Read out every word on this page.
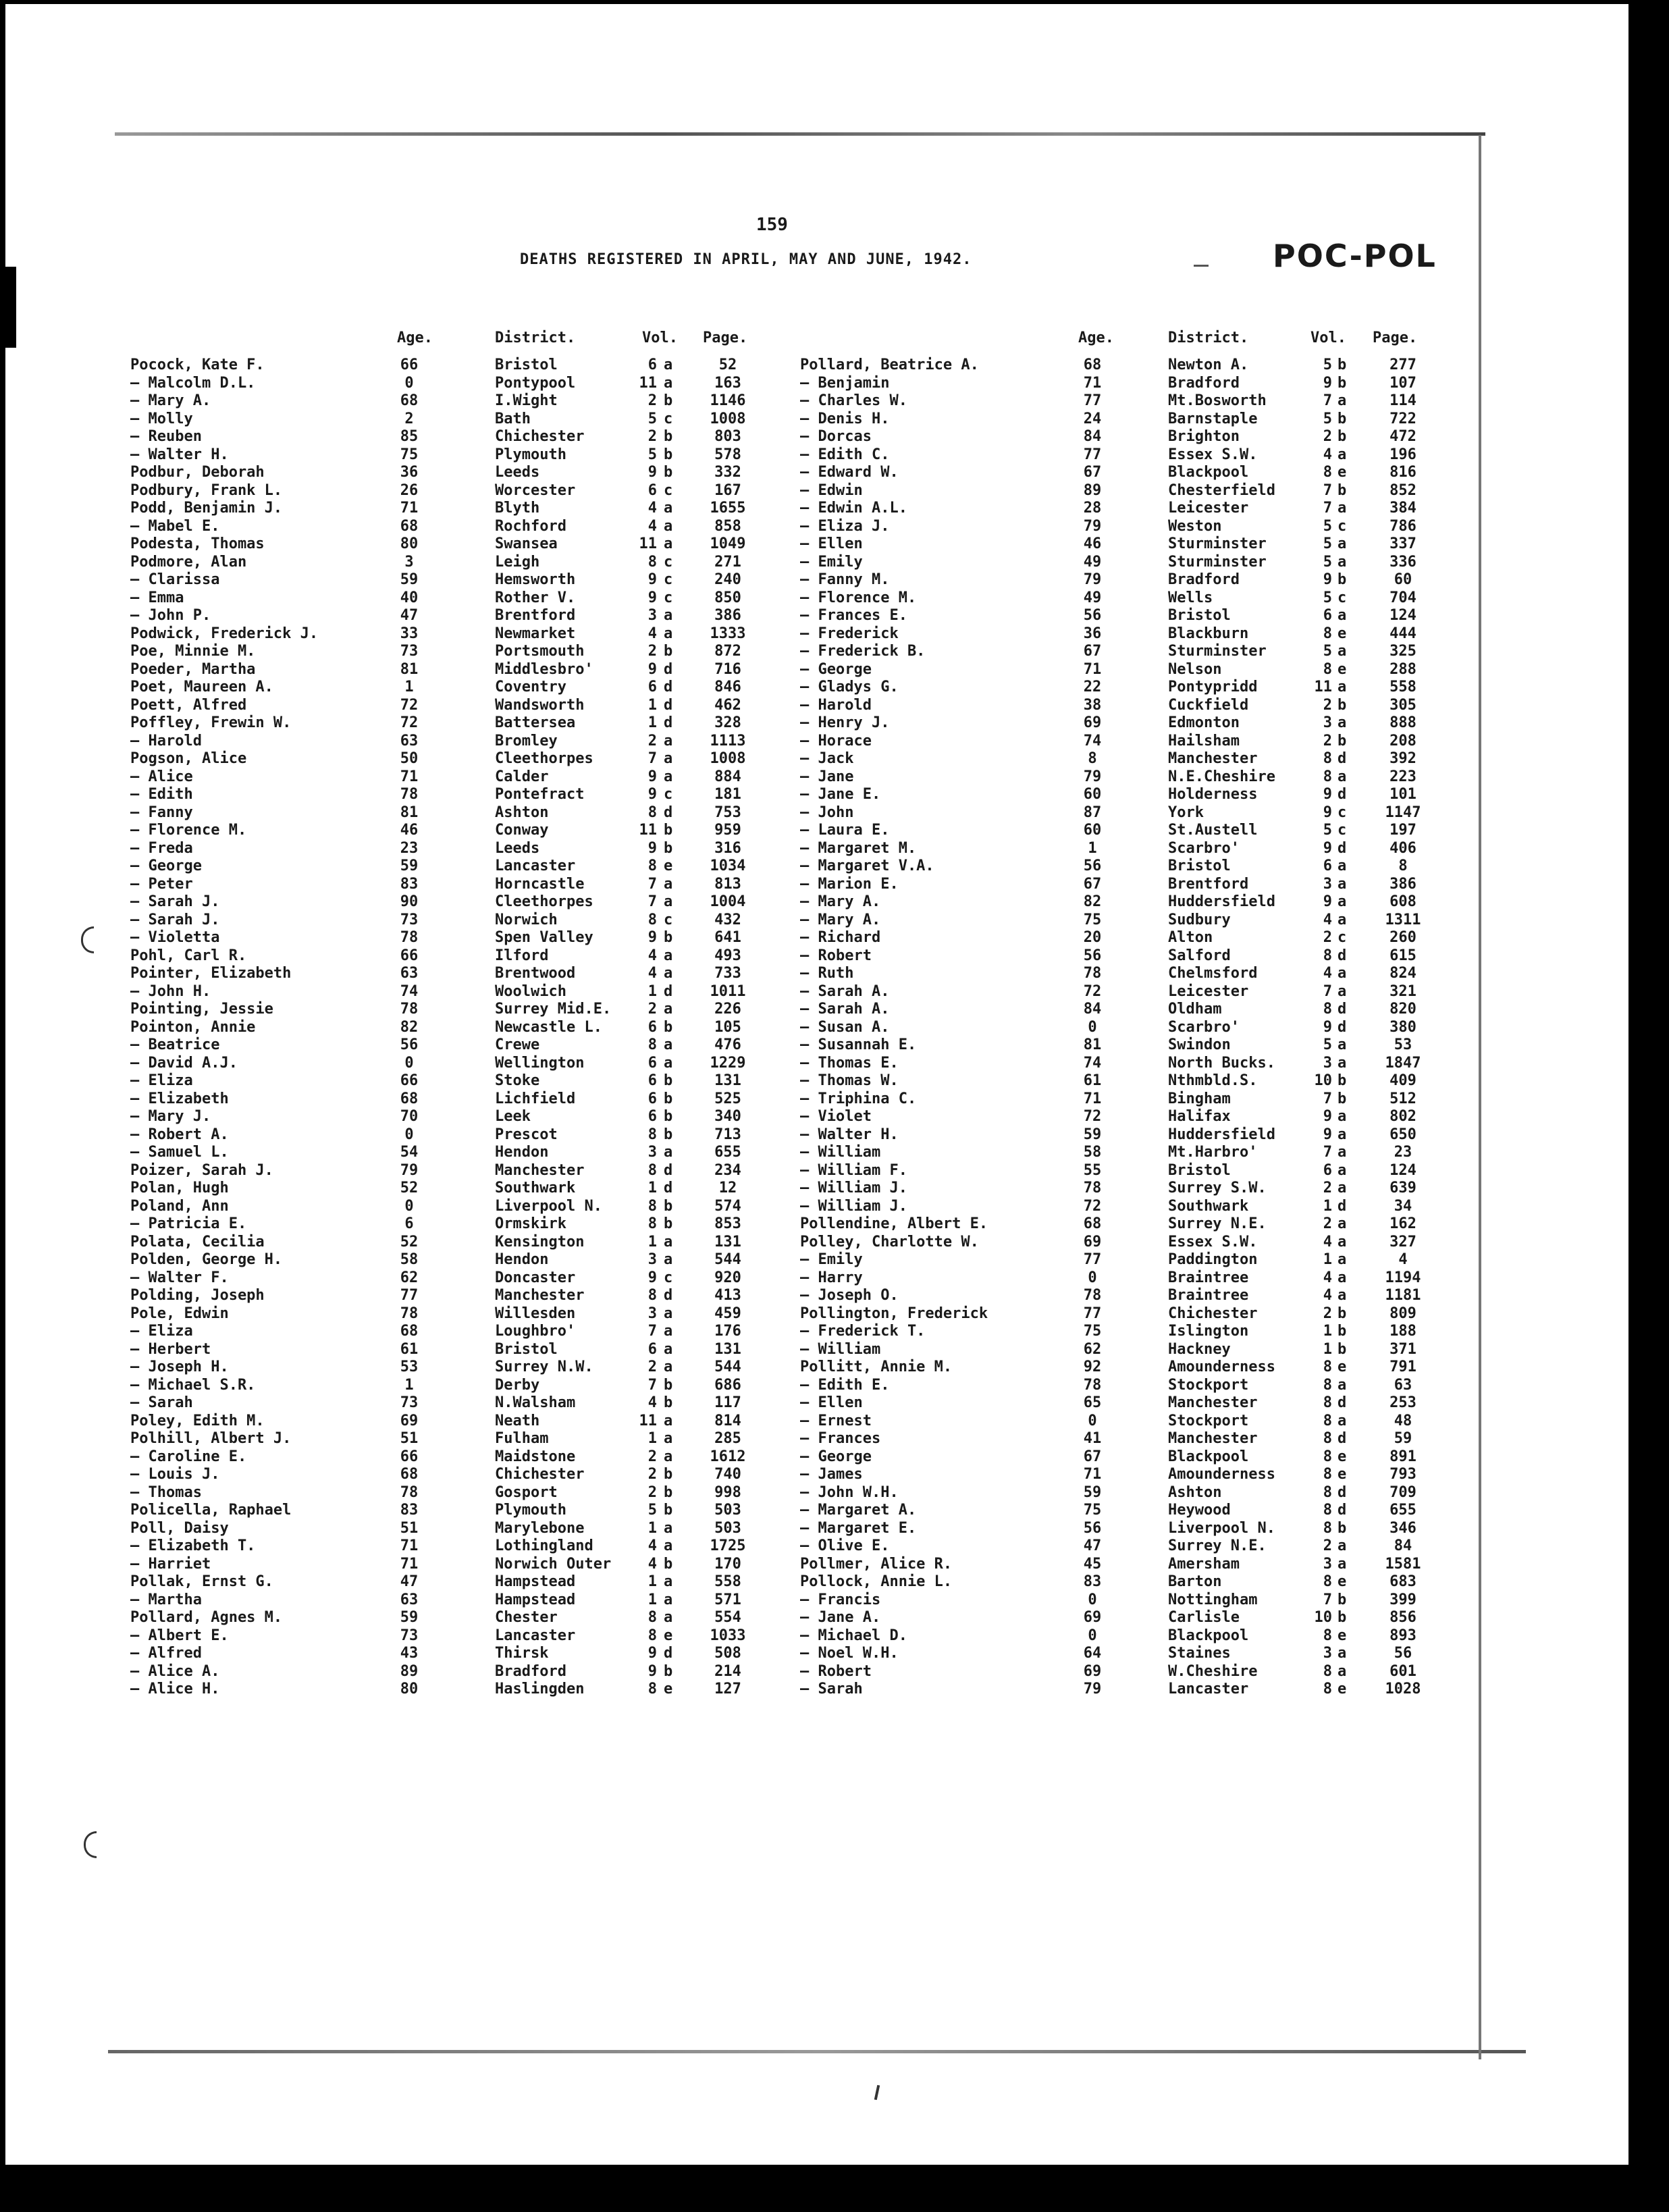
159
DEATHS REGISTERED IN APRIL, MAY AND JUNE, 1942.	POC-POL
Age.	District.	Vol. Page.
Pocock, Kate F.	66	Bristol	6 a	52
— Malcolm D.L.	0	Pontypool	11 a	163
— Mary A.	68	I.Wight	2 b	1146
— Molly	2	Bath	5 c	1008
— Reuben	85	Chichester	2 b	803
— Walter H.	75	Plymouth	5 b	578
Podbur, Deborah	36	Leeds	9 b	332
Podbury, Frank L.	26	Worcester	6 c	167
Podd, Benjamin J.	71	Blyth	4 a	1655
— Mabel E.	68	Rochford	4 a	858
Podesta, Thomas	80	Swansea	11 a	1049
Podmore, Alan	3	Leigh	8 c	271
— Clarissa	59	Hemsworth	9 c	240
— Emma	40	Rother V.	9 c	850
— John P.	47	Brentford	3 a	386
Podwick, Frederick J.	33	Newmarket	4 a	1333
Poe, Minnie M.	73	Portsmouth	2 b	872
Poeder, Martha	81	Middlesbro'	9 d	716
Poet, Maureen A.	1	Coventry	6 d	846
Poett, Alfred	72	Wandsworth	1 d	462
Poffley, Frewin W.	72	Battersea	1 d	328
— Harold	63	Bromley	2 a	1113
Pogson, Alice	50	Cleethorpes	7 a	1008
— Alice	71	Calder	9 a	884
— Edith	78	Pontefract	9 c	181
— Fanny	81	Ashton	8 d	753
— Florence M.	46	Conway	11 b	959
— Freda	23	Leeds	9 b	316
— George	59	Lancaster	8 e	1034
— Peter	83	Horncastle	7 a	813
— Sarah J.	90	Cleethorpes	7 a	1004
— Sarah J.	73	Norwich	8 c	432
— Violetta	78	Spen Valley	9 b	641
Pohl, Carl R.	66	Ilford	4 a	493
Pointer, Elizabeth	63	Brentwood	4 a	733
— John H.	74	Woolwich	1 d	1011
Pointing, Jessie	78	Surrey Mid.E.	2 a	226
Pointon, Annie	82	Newcastle L.	6 b	105
— Beatrice	56	Crewe	8 a	476
— David A.J.	0	Wellington	6 a	1229
— Eliza	66	Stoke	6 b	131
— Elizabeth	68	Lichfield	6 b	525
— Mary J.	70	Leek	6 b	340
— Robert A.	0	Prescot	8 b	713
— Samuel L.	54	Hendon	3 a	655
Poizer, Sarah J.	79	Manchester	8 d	234
Polan, Hugh	52	Southwark	1 d	12
Poland, Ann	0	Liverpool N.	8 b	574
— Patricia E.	6	Ormskirk	8 b	853
Polata, Cecilia	52	Kensington	1 a	131
Polden, George H.	58	Hendon	3 a	544
— Walter F.	62	Doncaster	9 c	920
Polding, Joseph	77	Manchester	8 d	413
Pole, Edwin	78	Willesden	3 a	459
— Eliza	68	Loughbro'	7 a	176
— Herbert	61	Bristol	6 a	131
— Joseph H.	53	Surrey N.W.	2 a	544
— Michael S.R.	1	Derby	7 b	686
— Sarah	73	N.Walsham	4 b	117
Poley, Edith M.	69	Neath	11 a	814
Polhill, Albert J.	51	Fulham	1 a	285
— Caroline E.	66	Maidstone	2 a	1612
— Louis J.	68	Chichester	2 b	740
— Thomas	78	Gosport	2 b	998
Policella, Raphael	83	Plymouth	5 b	503
Poll, Daisy	51	Marylebone	1 a	503
— Elizabeth T.	71	Lothingland	4 a	1725
— Harriet	71	Norwich Outer	4 b	170
Pollak, Ernst G.	47	Hampstead	1 a	558
— Martha	63	Hampstead	1 a	571
Pollard, Agnes M.	59	Chester	8 a	554
— Albert E.	73	Lancaster	8 e	1033
— Alfred	43	Thirsk	9 d	508
— Alice A.	89	Bradford	9 b	214
— Alice H.	80	Haslingden	8 e	127
Age.	District.	Vol. Page.
Pollard, Beatrice A.	68	Newton A.	5 b	277
— Benjamin	71	Bradford	9 b	107
— Charles W.	77	Mt.Bosworth	7 a	114
— Denis H.	24	Barnstaple	5 b	722
— Dorcas	84	Brighton	2 b	472
— Edith C.	77	Essex S.W.	4 a	196
— Edward W.	67	Blackpool	8 e	816
— Edwin	89	Chesterfield	7 b	852
— Edwin A.L.	28	Leicester	7 a	384
— Eliza J.	79	Weston	5 c	786
— Ellen	46	Sturminster	5 a	337
— Emily	49	Sturminster	5 a	336
— Fanny M.	79	Bradford	9 b	60
— Florence M.	49	Wells	5 c	704
— Frances E.	56	Bristol	6 a	124
— Frederick	36	Blackburn	8 e	444
— Frederick B.	67	Sturminster	5 a	325
— George	71	Nelson	8 e	288
— Gladys G.	22	Pontypridd	11 a	558
— Harold	38	Cuckfield	2 b	305
— Henry J.	69	Edmonton	3 a	888
— Horace	74	Hailsham	2 b	208
— Jack	8	Manchester	8 d	392
— Jane	79	N.E.Cheshire	8 a	223
— Jane E.	60	Holderness	9 d	101
— John	87	York	9 c	1147
— Laura E.	60	St.Austell	5 c	197
— Margaret M.	1	Scarbro'	9 d	406
— Margaret V.A.	56	Bristol	6 a	8
— Marion E.	67	Brentford	3 a	386
— Mary A.	82	Huddersfield	9 a	608
— Mary A.	75	Sudbury	4 a	1311
— Richard	20	Alton	2 c	260
— Robert	56	Salford	8 d	615
— Ruth	78	Chelmsford	4 a	824
— Sarah A.	72	Leicester	7 a	321
— Sarah A.	84	Oldham	8 d	820
— Susan A.	0	Scarbro'	9 d	380
— Susannah E.	81	Swindon	5 a	53
— Thomas E.	74	North Bucks.	3 a	1847
— Thomas W.	61	Nthmbld.S.	10 b	409
— Triphina C.	71	Bingham	7 b	512
— Violet	72	Halifax	9 a	802
— Walter H.	59	Huddersfield	9 a	650
— William	58	Mt.Harbro'	7 a	23
— William F.	55	Bristol	6 a	124
— William J.	78	Surrey S.W.	2 a	639
— William J.	72	Southwark	1 d	34
Pollendine, Albert E.	68	Surrey N.E.	2 a	162
Polley, Charlotte W.	69	Essex S.W.	4 a	327
— Emily	77	Paddington	1 a	4
— Harry	0	Braintree	4 a	1194
— Joseph O.	78	Braintree	4 a	1181
Pollington, Frederick	77	Chichester	2 b	809
— Frederick T.	75	Islington	1 b	188
— William	62	Hackney	1 b	371
Pollitt, Annie M.	92	Amounderness	8 e	791
— Edith E.	78	Stockport	8 a	63
— Ellen	65	Manchester	8 d	253
— Ernest	0	Stockport	8 a	48
— Frances	41	Manchester	8 d	59
— George	67	Blackpool	8 e	891
— James	71	Amounderness	8 e	793
— John W.H.	59	Ashton	8 d	709
— Margaret A.	75	Heywood	8 d	655
— Margaret E.	56	Liverpool N.	8 b	346
— Olive E.	47	Surrey N.E.	2 a	84
Pollmer, Alice R.	45	Amersham	3 a	1581
Pollock, Annie L.	83	Barton	8 e	683
— Francis	0	Nottingham	7 b	399
— Jane A.	69	Carlisle	10 b	856
— Michael D.	0	Blackpool	8 e	893
— Noel W.H.	64	Staines	3 a	56
— Robert	69	W.Cheshire	8 a	601
— Sarah	79	Lancaster	8 e	1028
